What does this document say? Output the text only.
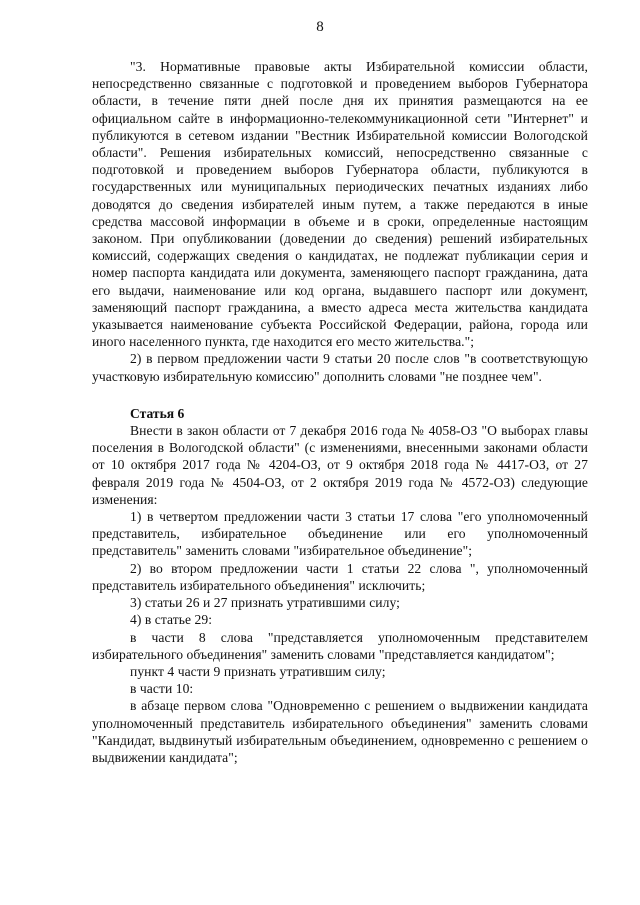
8

"3. Нормативные правовые акты Избирательной комиссии области, непосредственно связанные с подготовкой и проведением выборов Губернатора области, в течение пяти дней после дня их принятия размещаются на ее официальном сайте в информационно-телекоммуникационной сети "Интернет" и публикуются в сетевом издании "Вестник Избирательной комиссии Вологодской области". Решения избирательных комиссий, непосредственно связанные с подготовкой и проведением выборов Губернатора области, публикуются в государственных или муниципальных периодических печатных изданиях либо доводятся до сведения избирателей иным путем, а также передаются в иные средства массовой информации в объеме и в сроки, определенные настоящим законом. При опубликовании (доведении до сведения) решений избирательных комиссий, содержащих сведения о кандидатах, не подлежат публикации серия и номер паспорта кандидата или документа, заменяющего паспорт гражданина, дата его выдачи, наименование или код органа, выдавшего паспорт или документ, заменяющий паспорт гражданина, а вместо адреса места жительства кандидата указывается наименование субъекта Российской Федерации, района, города или иного населенного пункта, где находится его место жительства.";

2) в первом предложении части 9 статьи 20 после слов "в соответствующую участковую избирательную комиссию" дополнить словами "не позднее чем".

Статья 6

Внести в закон области от 7 декабря 2016 года № 4058-ОЗ "О выборах главы поселения в Вологодской области" (с изменениями, внесенными законами области от 10 октября 2017 года № 4204-ОЗ, от 9 октября 2018 года № 4417-ОЗ, от 27 февраля 2019 года № 4504-ОЗ, от 2 октября 2019 года № 4572-ОЗ) следующие изменения:

1) в четвертом предложении части 3 статьи 17 слова "его уполномоченный представитель, избирательное объединение или его уполномоченный представитель" заменить словами "избирательное объединение";

2) во втором предложении части 1 статьи 22 слова ", уполномоченный представитель избирательного объединения" исключить;

3) статьи 26 и 27 признать утратившими силу;

4) в статье 29:

в части 8 слова "представляется уполномоченным представителем избирательного объединения" заменить словами "представляется кандидатом";

пункт 4 части 9 признать утратившим силу;

в части 10:

в абзаце первом слова "Одновременно с решением о выдвижении кандидата уполномоченный представитель избирательного объединения" заменить словами "Кандидат, выдвинутый избирательным объединением, одновременно с решением о выдвижении кандидата";
